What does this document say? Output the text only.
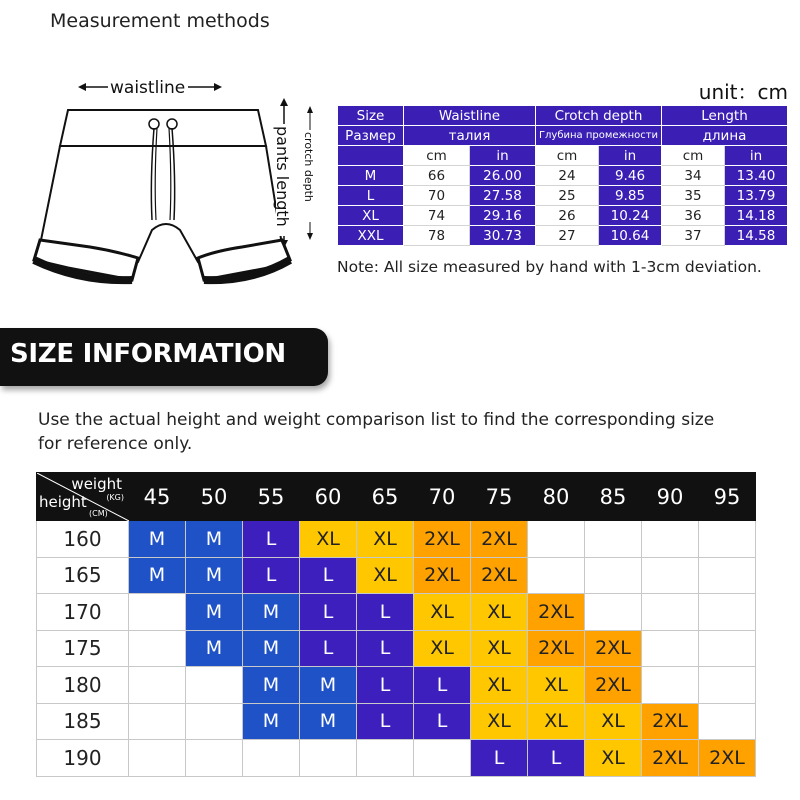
Measurement methods
waistline
pants length crotch depth
unit：cm
Size	Waistline		Crotch depth		Length	
Размер	талия		Глубина промежности		длина	
	cm	in	cm	in	cm	in
M	66	26.00	24	9.46	34	13.40
L	70	27.58	25	9.85	35	13.79
XL	74	29.16	26	10.24	36	14.18
XXL	78	30.73	27	10.64	37	14.58
Note: All size measured by hand with 1-3cm deviation.
SIZE INFORMATION
Use the actual height and weight comparison list to find the corresponding size
for reference only.
weight
(KG)
height
(CM)	45	50	55	60	65	70	75	80	85	90	95
160	M	M	L	XL	XL	2XL	2XL				
165	M	M	L	L	XL	2XL	2XL				
170		M	M	L	L	XL	XL	2XL			
175		M	M	L	L	XL	XL	2XL	2XL		
180			M	M	L	L	XL	XL	2XL		
185			M	M	L	L	XL	XL	XL	2XL	
190							L	L	XL	2XL	2XL
